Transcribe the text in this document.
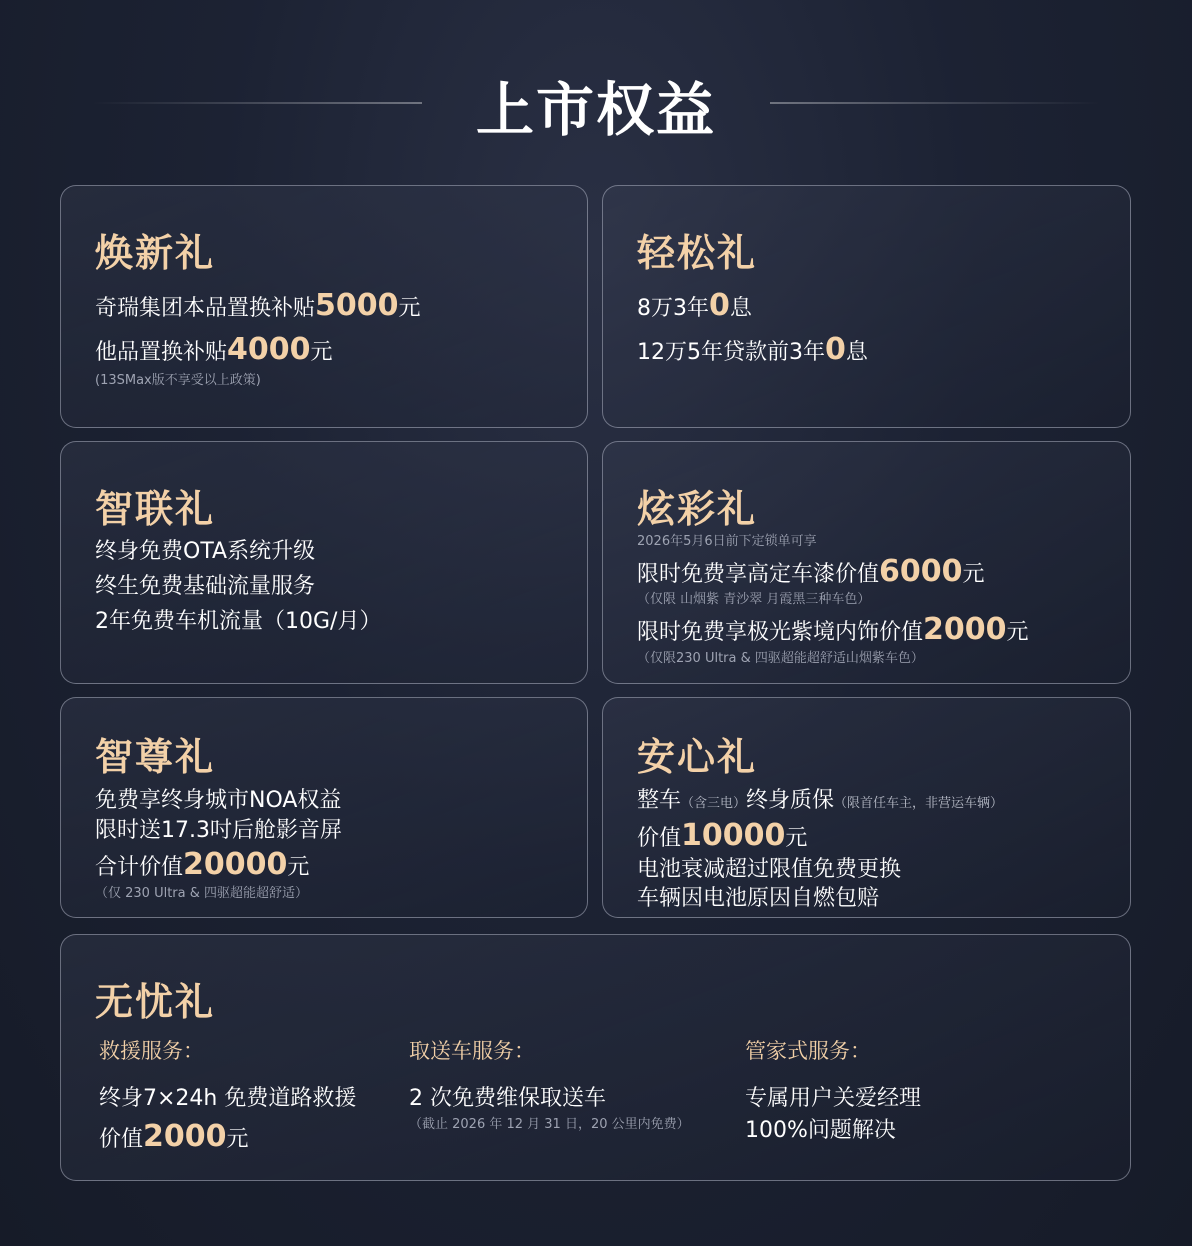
上市权益
焕新礼
奇瑞集团本品置换补贴5000元
他品置换补贴4000元
(13SMax版不享受以上政策)
轻松礼
8万3年0息
12万5年贷款前3年0息
智联礼
终身免费OTA系统升级
终生免费基础流量服务
2年免费车机流量（10G/月）
炫彩礼
2026年5月6日前下定锁单可享
限时免费享高定车漆价值6000元
（仅限 山烟紫 青沙翠 月霞黑三种车色）
限时免费享极光紫境内饰价值2000元
（仅限230 Ultra & 四驱超能超舒适山烟紫车色）
智尊礼
免费享终身城市NOA权益
限时送17.3吋后舱影音屏
合计价值20000元
（仅 230 Ultra & 四驱超能超舒适）
安心礼
整车（含三电）终身质保（限首任车主，非营运车辆）
价值10000元
电池衰减超过限值免费更换
车辆因电池原因自燃包赔
无忧礼
救援服务：
终身7×24h 免费道路救援
价值2000元
取送车服务：
2 次免费维保取送车
（截止 2026 年 12 月 31 日，20 公里内免费）
管家式服务：
专属用户关爱经理
100%问题解决
